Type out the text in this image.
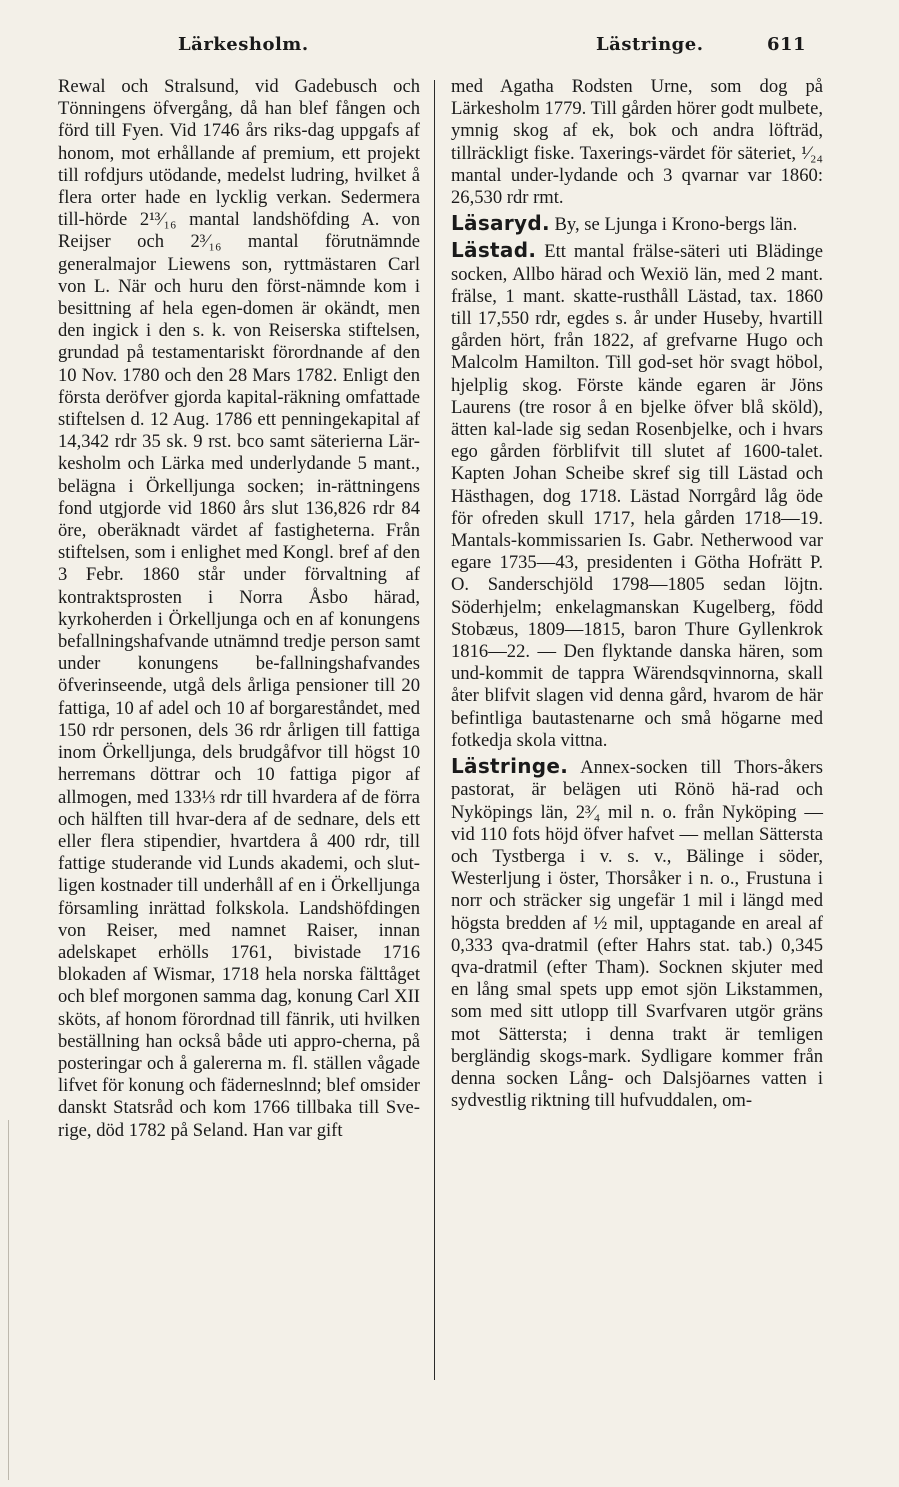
Lärkesholm.	Lästringe.	611

Rewal och Stralsund, vid Gadebusch och Tönningens öfvergång, då han blef fången och förd till Fyen. Vid 1746 års riks-dag uppgafs af honom, mot erhållande af premium, ett projekt till rofdjurs utödande, medelst ludring, hvilket å flera orter hade en lycklig verkan. Sedermera till-hörde 2¹³⁄₁₆ mantal landshöfding A. von Reijser och 2³⁄₁₆ mantal förutnämnde generalmajor Liewens son, ryttmästaren Carl von L. När och huru den först-nämnde kom i besittning af hela egen-domen är okändt, men den ingick i den s. k. von Reiserska stiftelsen, grundad på testamentariskt förordnande af den 10 Nov. 1780 och den 28 Mars 1782. Enligt den första deröfver gjorda kapital-räkning omfattade stiftelsen d. 12 Aug. 1786 ett penningekapital af 14,342 rdr 35 sk. 9 rst. bco samt säterierna Lär-kesholm och Lärka med underlydande 5 mant., belägna i Örkelljunga socken; in-rättningens fond utgjorde vid 1860 års slut 136,826 rdr 84 öre, oberäknadt värdet af fastigheterna. Från stiftelsen, som i enlighet med Kongl. bref af den 3 Febr. 1860 står under förvaltning af kontraktsprosten i Norra Åsbo härad, kyrkoherden i Örkelljunga och en af konungens befallningshafvande utnämnd tredje person samt under konungens be-fallningshafvandes öfverinseende, utgå dels årliga pensioner till 20 fattiga, 10 af adel och 10 af borgareståndet, med 150 rdr personen, dels 36 rdr årligen till fattiga inom Örkelljunga, dels brudgåfvor till högst 10 herremans döttrar och 10 fattiga pigor af allmogen, med 133⅓ rdr till hvardera af de förra och hälften till hvar-dera af de sednare, dels ett eller flera stipendier, hvartdera å 400 rdr, till fattige studerande vid Lunds akademi, och slut-ligen kostnader till underhåll af en i Örkelljunga församling inrättad folkskola. Landshöfdingen von Reiser, med namnet Raiser, innan adelskapet erhölls 1761, bivistade 1716 blokaden af Wismar, 1718 hela norska fälttåget och blef morgonen samma dag, konung Carl XII sköts, af honom förordnad till fänrik, uti hvilken beställning han också både uti appro-cherna, på posteringar och å galererna m. fl. ställen vågade lifvet för konung och fäderneslnnd; blef omsider danskt Statsråd och kom 1766 tillbaka till Sve-rige, död 1782 på Seland. Han var gift

med Agatha Rodsten Urne, som dog på Lärkesholm 1779. Till gården hörer godt mulbete, ymnig skog af ek, bok och andra löfträd, tillräckligt fiske. Taxerings-värdet för säteriet, ¹⁄₂₄ mantal under-lydande och 3 qvarnar var 1860: 26,530 rdr rmt.

Läsaryd. By, se Ljunga i Krono-bergs län.

Lästad. Ett mantal frälse-säteri uti Blädinge socken, Allbo härad och Wexiö län, med 2 mant. frälse, 1 mant. skatte-rusthåll Lästad, tax. 1860 till 17,550 rdr, egdes s. år under Huseby, hvartill gården hört, från 1822, af grefvarne Hugo och Malcolm Hamilton. Till god-set hör svagt höbol, hjelplig skog. Förste kände egaren är Jöns Laurens (tre rosor å en bjelke öfver blå sköld), ätten kal-lade sig sedan Rosenbjelke, och i hvars ego gården förblifvit till slutet af 1600-talet. Kapten Johan Scheibe skref sig till Lästad och Hästhagen, dog 1718. Lästad Norrgård låg öde för ofreden skull 1717, hela gården 1718—19. Mantals-kommissarien Is. Gabr. Netherwood var egare 1735—43, presidenten i Götha Hofrätt P. O. Sanderschjöld 1798—1805 sedan löjtn. Söderhjelm; enkelagmanskan Kugelberg, född Stobæus, 1809—1815, baron Thure Gyllenkrok 1816—22. — Den flyktande danska hären, som und-kommit de tappra Wärendsqvinnorna, skall åter blifvit slagen vid denna gård, hvarom de här befintliga bautastenarne och små högarne med fotkedja skola vittna.

Lästringe. Annex-socken till Thors-åkers pastorat, är belägen uti Rönö hä-rad och Nyköpings län, 2³⁄₄ mil n. o. från Nyköping — vid 110 fots höjd öfver hafvet — mellan Sättersta och Tystberga i v. s. v., Bälinge i söder, Westerljung i öster, Thorsåker i n. o., Frustuna i norr och sträcker sig ungefär 1 mil i längd med högsta bredden af ½ mil, upptagande en areal af 0,333 qva-dratmil (efter Hahrs stat. tab.) 0,345 qva-dratmil (efter Tham). Socknen skjuter med en lång smal spets upp emot sjön Likstammen, som med sitt utlopp till Svarfvaren utgör gräns mot Sättersta; i denna trakt är temligen bergländig skogs-mark. Sydligare kommer från denna socken Lång- och Dalsjöarnes vatten i sydvestlig riktning till hufvuddalen, om-
